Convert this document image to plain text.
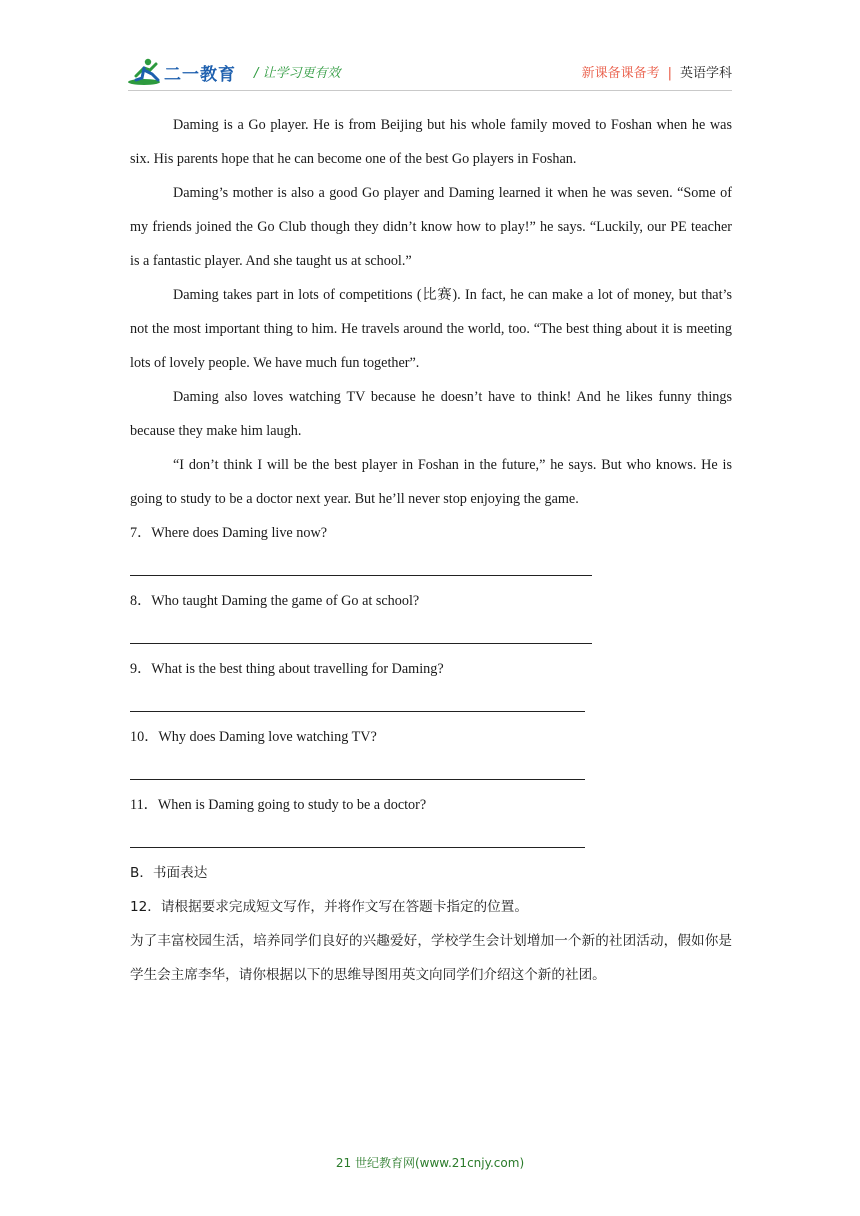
二一教育 / 让学习更有效	新课备课备考 | 英语学科

Daming is a Go player. He is from Beijing but his whole family moved to Foshan when he was six. His parents hope that he can become one of the best Go players in Foshan.

Daming’s mother is also a good Go player and Daming learned it when he was seven. “Some of my friends joined the Go Club though they didn’t know how to play!” he says. “Luckily, our PE teacher is a fantastic player. And she taught us at school.”

Daming takes part in lots of competitions (比赛). In fact, he can make a lot of money, but that’s not the most important thing to him. He travels around the world, too. “The best thing about it is meeting lots of lovely people. We have much fun together”.

Daming also loves watching TV because he doesn’t have to think! And he likes funny things because they make him laugh.

“I don’t think I will be the best player in Foshan in the future,” he says. But who knows. He is going to study to be a doctor next year. But he’ll never stop enjoying the game.

7．Where does Daming live now?

8．Who taught Daming the game of Go at school?

9．What is the best thing about travelling for Daming?

10．Why does Daming love watching TV?

11．When is Daming going to study to be a doctor?

B．书面表达

12．请根据要求完成短文写作，并将作文写在答题卡指定的位置。

为了丰富校园生活，培养同学们良好的兴趣爱好，学校学生会计划增加一个新的社团活动，假如你是学生会主席李华，请你根据以下的思维导图用英文向同学们介绍这个新的社团。

21 世纪教育网(www.21cnjy.com)
